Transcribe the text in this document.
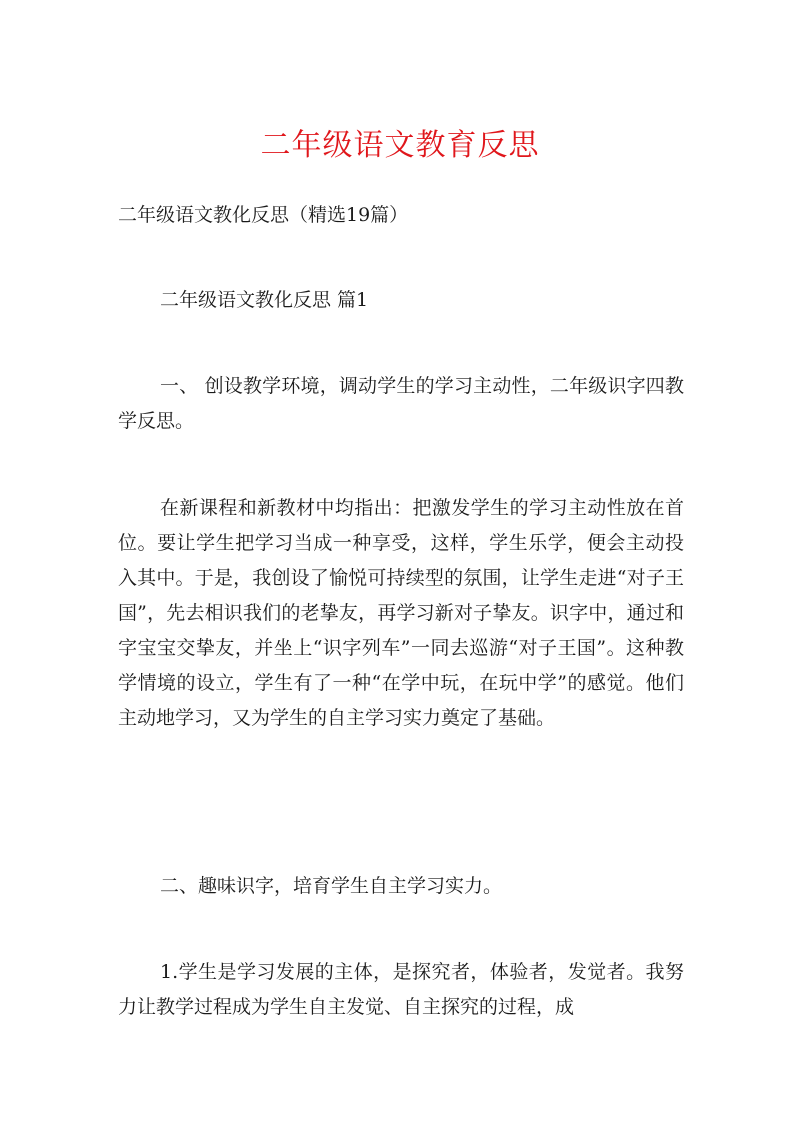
二年级语文教育反思
二年级语文教化反思（精选19篇）
二年级语文教化反思 篇1
一、 创设教学环境，调动学生的学习主动性，二年级识字四教学反思。
在新课程和新教材中均指出：把激发学生的学习主动性放在首位。要让学生把学习当成一种享受，这样，学生乐学，便会主动投入其中。于是，我创设了愉悦可持续型的氛围，让学生走进“对子王国”，先去相识我们的老挚友，再学习新对子挚友。识字中，通过和字宝宝交挚友，并坐上“识字列车”一同去巡游“对子王国”。这种教学情境的设立，学生有了一种“在学中玩，在玩中学”的感觉。他们主动地学习，又为学生的自主学习实力奠定了基础。
二、趣味识字，培育学生自主学习实力。
1.学生是学习发展的主体，是探究者，体验者，发觉者。我努力让教学过程成为学生自主发觉、自主探究的过程，成
